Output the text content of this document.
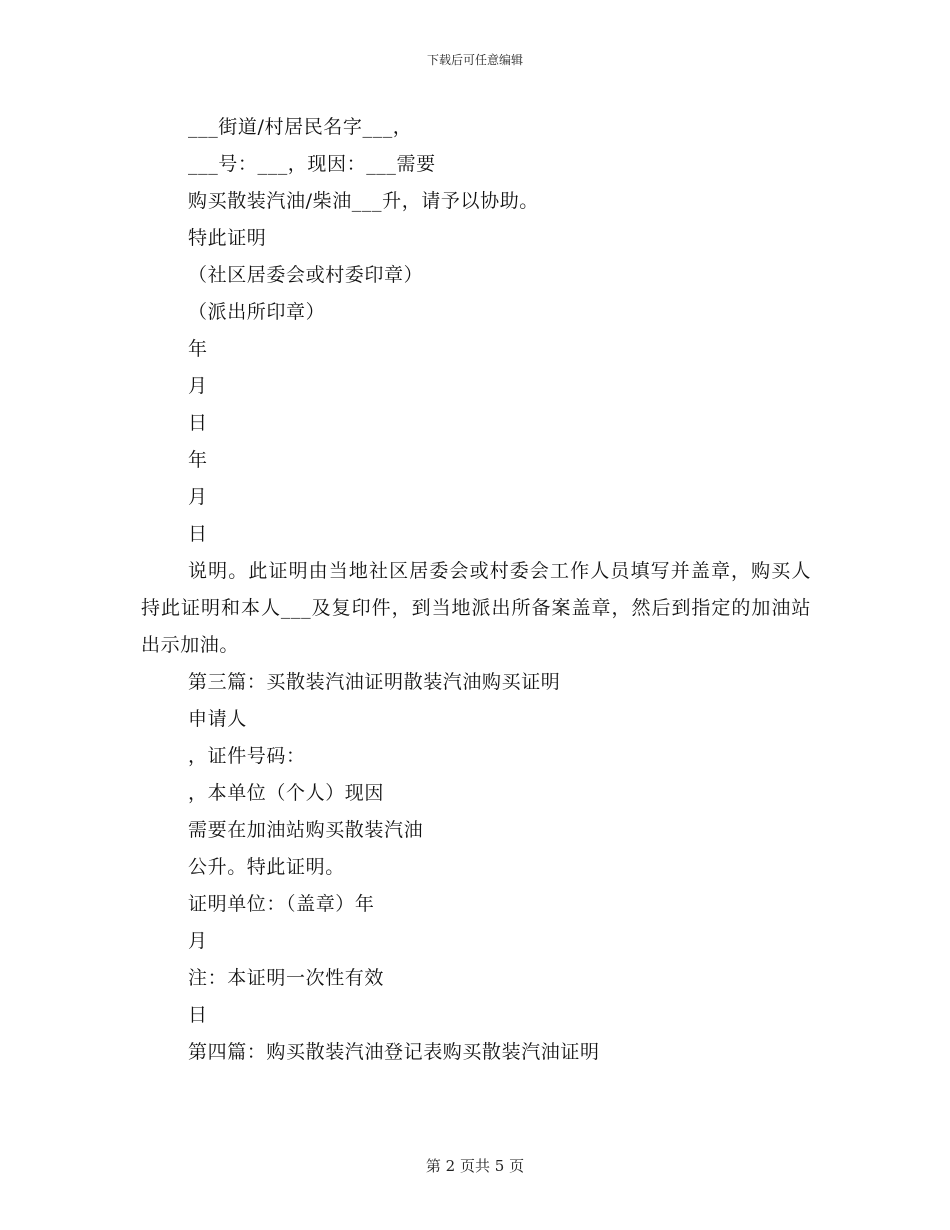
下载后可任意编辑
___街道/村居民名字___，
___号：___，现因：___需要
购买散装汽油/柴油___升，请予以协助。
特此证明
（社区居委会或村委印章）
（派出所印章）
年
月
日
年
月
日
说明。此证明由当地社区居委会或村委会工作人员填写并盖章，购买人持此证明和本人___及复印件，到当地派出所备案盖章，然后到指定的加油站出示加油。
第三篇：买散装汽油证明散装汽油购买证明
申请人
，证件号码：
，本单位（个人）现因
需要在加油站购买散装汽油
公升。特此证明。
证明单位：（盖章）年
月
注：本证明一次性有效
日
第四篇：购买散装汽油登记表购买散装汽油证明
第 2 页共 5 页
